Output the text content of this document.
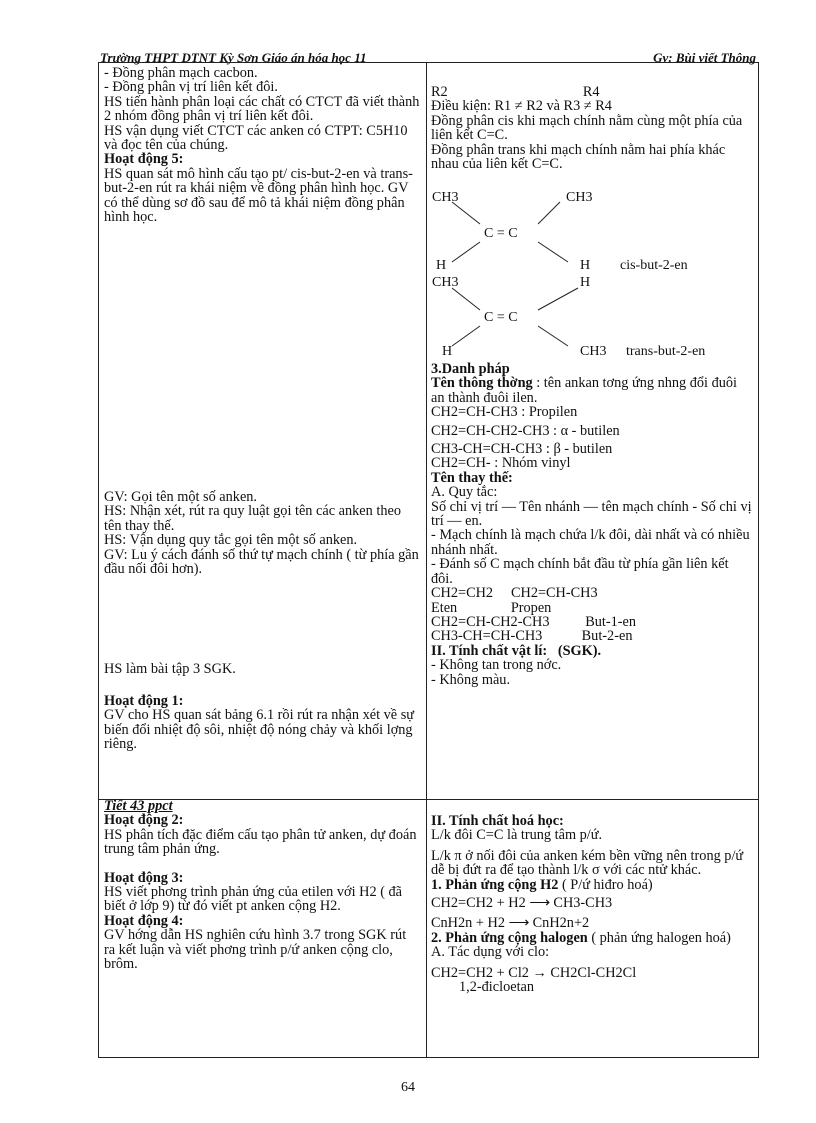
Trường THPT DTNT Kỳ Sơn Giáo án hóa học 11	Gv: Bùi viết Thông

- Đồng phân mạch cacbon.

- Đồng phân vị trí liên kết đôi.

HS tiến hành phân loại các chất có CTCT đã viết thành 2 nhóm đồng phân vị trí liên kết đôi.

HS vận dụng viết CTCT các anken có CTPT: C5H10 và đọc tên của chúng.

Hoạt động 5:

HS quan sát mô hình cấu tạo pt/ cis-but-2-en và trans-but-2-en rút ra khái niệm về đồng phân hình học. GV có thể dùng sơ đồ sau để mô tả khái niệm đồng phân hình học.

GV: Gọi tên một số anken.

HS: Nhận xét, rút ra quy luật gọi tên các anken theo tên thay thế.

HS: Vận dụng quy tắc gọi tên một số anken.

GV: Lu ý cách đánh số thứ tự mạch chính ( từ phía gần đầu nối đôi hơn).

HS làm bài tập 3 SGK.

Hoạt động 1:

GV cho HS quan sát bảng 6.1 rồi rút ra nhận xét về sự biến đổi nhiệt độ sôi, nhiệt độ nóng chảy và khối lợng riêng.

Tiết 43 ppct

Hoạt động 2:

HS phân tích đặc điểm cấu tạo phân tử anken, dự đoán trung tâm phản ứng.

Hoạt động 3:

HS viết phơng trình phản ứng của etilen với H2 ( đã biết ở lớp 9) từ đó viết pt anken cộng H2.

Hoạt động 4:

GV hớng dẫn HS nghiên cứu hình 3.7 trong SGK rút ra kết luận và viết phơng trình p/ứ anken cộng clo, brôm.

R2	R4

Điều kiện: R1 ≠ R2 và R3 ≠ R4

Đồng phân cis khi mạch chính nằm cùng một phía của liên kết C=C.

Đồng phân trans khi mạch chính nằm hai phía khác nhau của liên kết C=C.

CH3	CH3
C = C
H	H cis-but-2-en
CH3	H
C = C
H	CH3 trans-but-2-en

3.Danh pháp

Tên thông thờng : tên ankan tơng ứng nhng đổi đuôi an thành đuôi ilen.

CH2=CH-CH3 : Propilen

CH2=CH-CH2-CH3 : α - butilen

CH3-CH=CH-CH3 : β - butilen

CH2=CH- : Nhóm vinyl

Tên thay thế:

A. Quy tắc:

Số chỉ vị trí — Tên nhánh — tên mạch chính - Số chỉ vị trí — en.

- Mạch chính là mạch chứa l/k đôi, dài nhất và có nhiều nhánh nhất.

- Đánh số C mạch chính bắt đầu từ phía gần liên kết đôi.

CH2=CH2     CH2=CH-CH3

Eten               Propen

CH2=CH-CH2-CH3          But-1-en

CH3-CH=CH-CH3           But-2-en

II. Tính chất vật lí:   (SGK).

- Không tan trong nớc.

- Không màu.

II. Tính chất hoá học:

L/k đôi C=C là trung tâm p/ứ.

L/k π ở nối đôi của anken kém bền vững nên trong p/ứ dễ bị đứt ra để tạo thành l/k σ với các ntử khác.

1. Phản ứng cộng H2 ( P/ứ hiđro hoá)

CH2=CH2 + H2 ⟶ CH3-CH3

CnH2n + H2 ⟶ CnH2n+2

2. Phản ứng cộng halogen ( phản ứng halogen hoá)

A. Tác dụng với clo:

CH2=CH2 + Cl2 → CH2Cl-CH2Cl

1,2-đicloetan

64
